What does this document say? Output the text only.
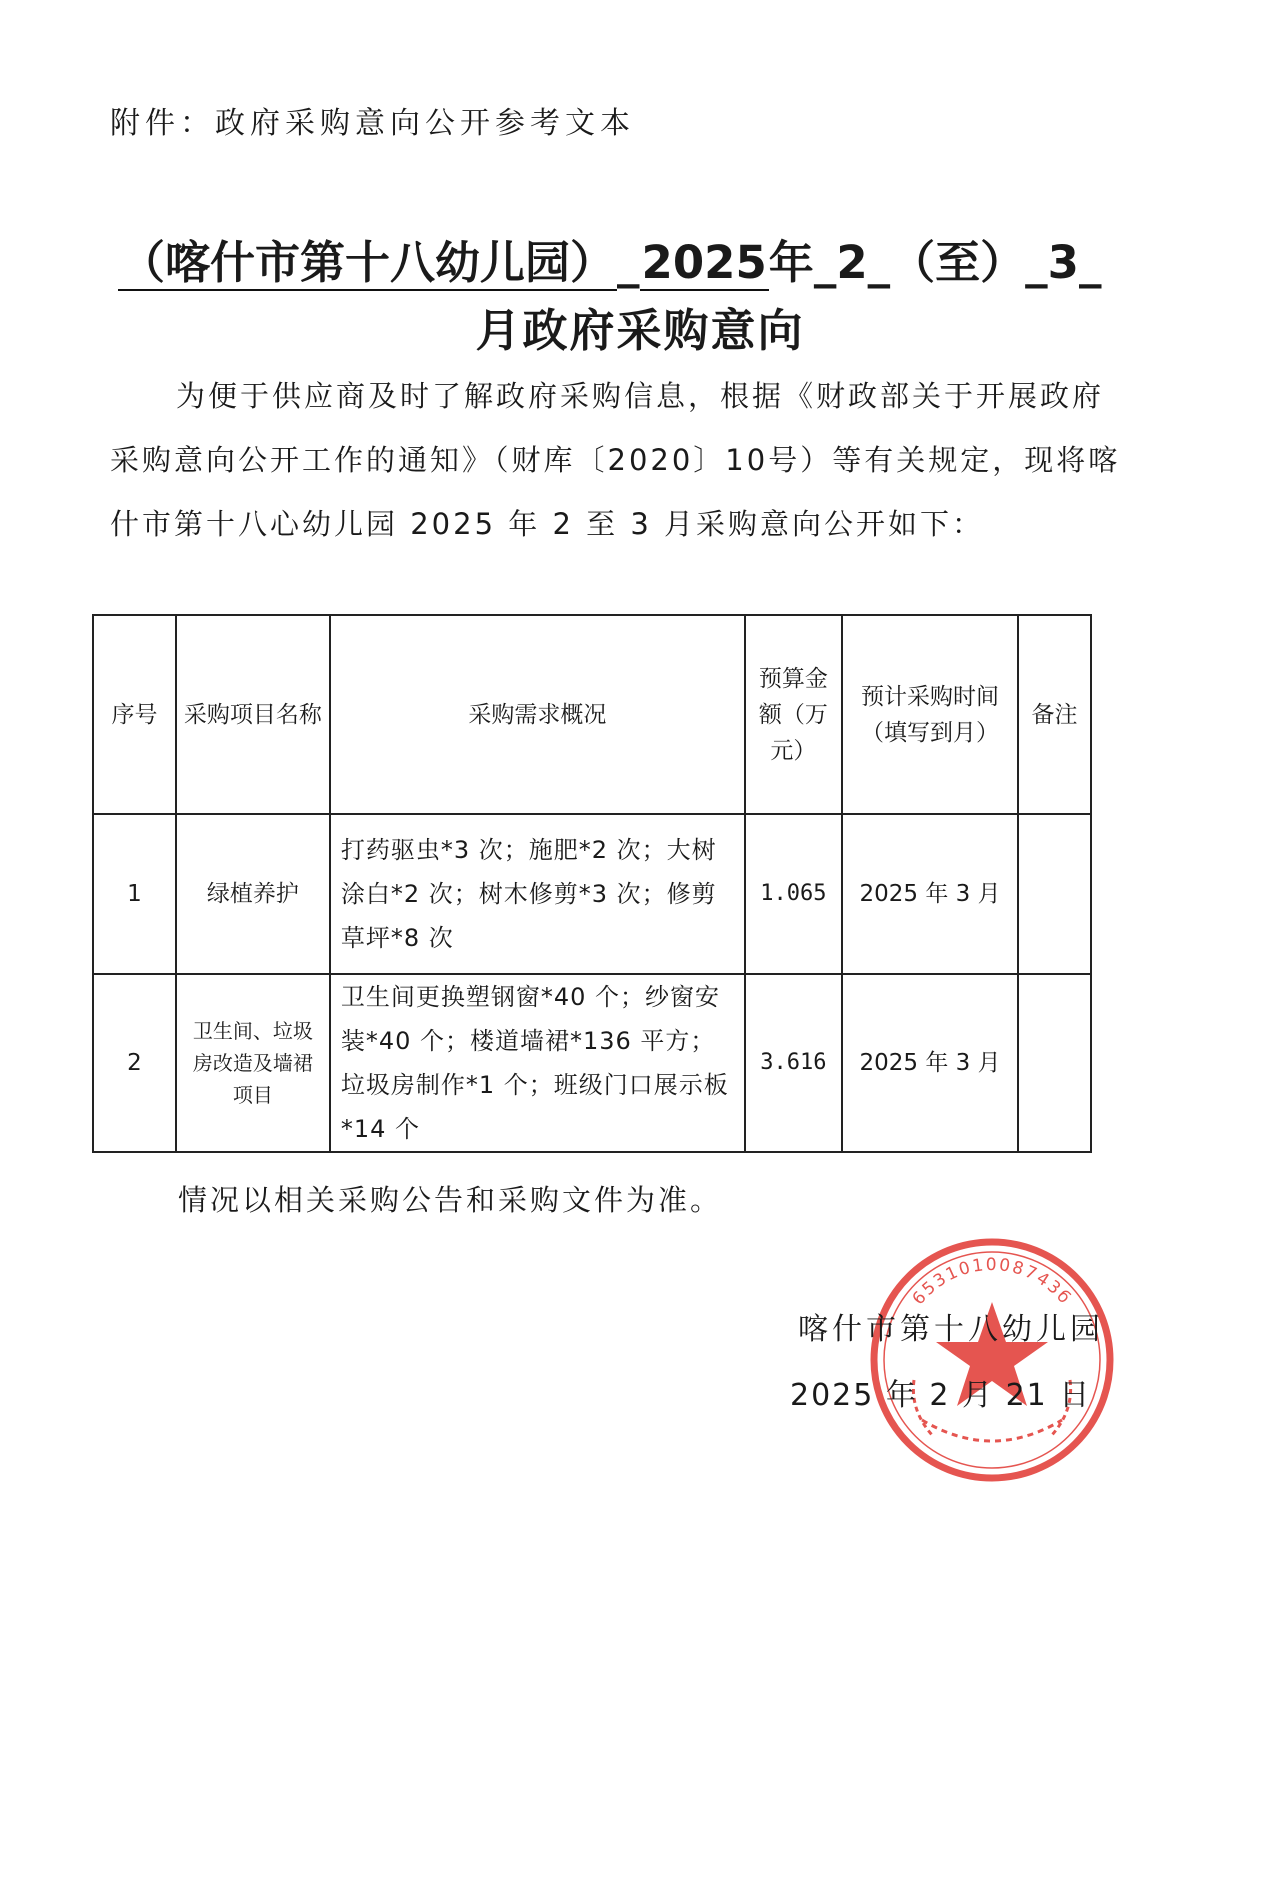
附件：政府采购意向公开参考文本
（喀什市第十八幼儿园）_2025年_2_（至）_3_
月政府采购意向
为便于供应商及时了解政府采购信息，根据《财政部关于开展政府采购意向公开工作的通知》（财库〔2020〕10号）等有关规定，现将喀什市第十八心幼儿园 2025 年 2 至 3 月采购意向公开如下：
序号	采购项目名称	采购需求概况	预算金额（万元）	预计采购时间（填写到月）	备注
1	绿植养护	打药驱虫*3 次；施肥*2 次；大树涂白*2 次；树木修剪*3 次；修剪草坪*8 次	1.065	2025 年 3 月	
2	卫生间、垃圾房改造及墙裙项目	卫生间更换塑钢窗*40 个；纱窗安装*40 个；楼道墙裙*136 平方；垃圾房制作*1 个；班级门口展示板*14 个	3.616	2025 年 3 月	
情况以相关采购公告和采购文件为准。
653101008743б
喀什市第十八幼儿园
2025 年 2 月 21 日
